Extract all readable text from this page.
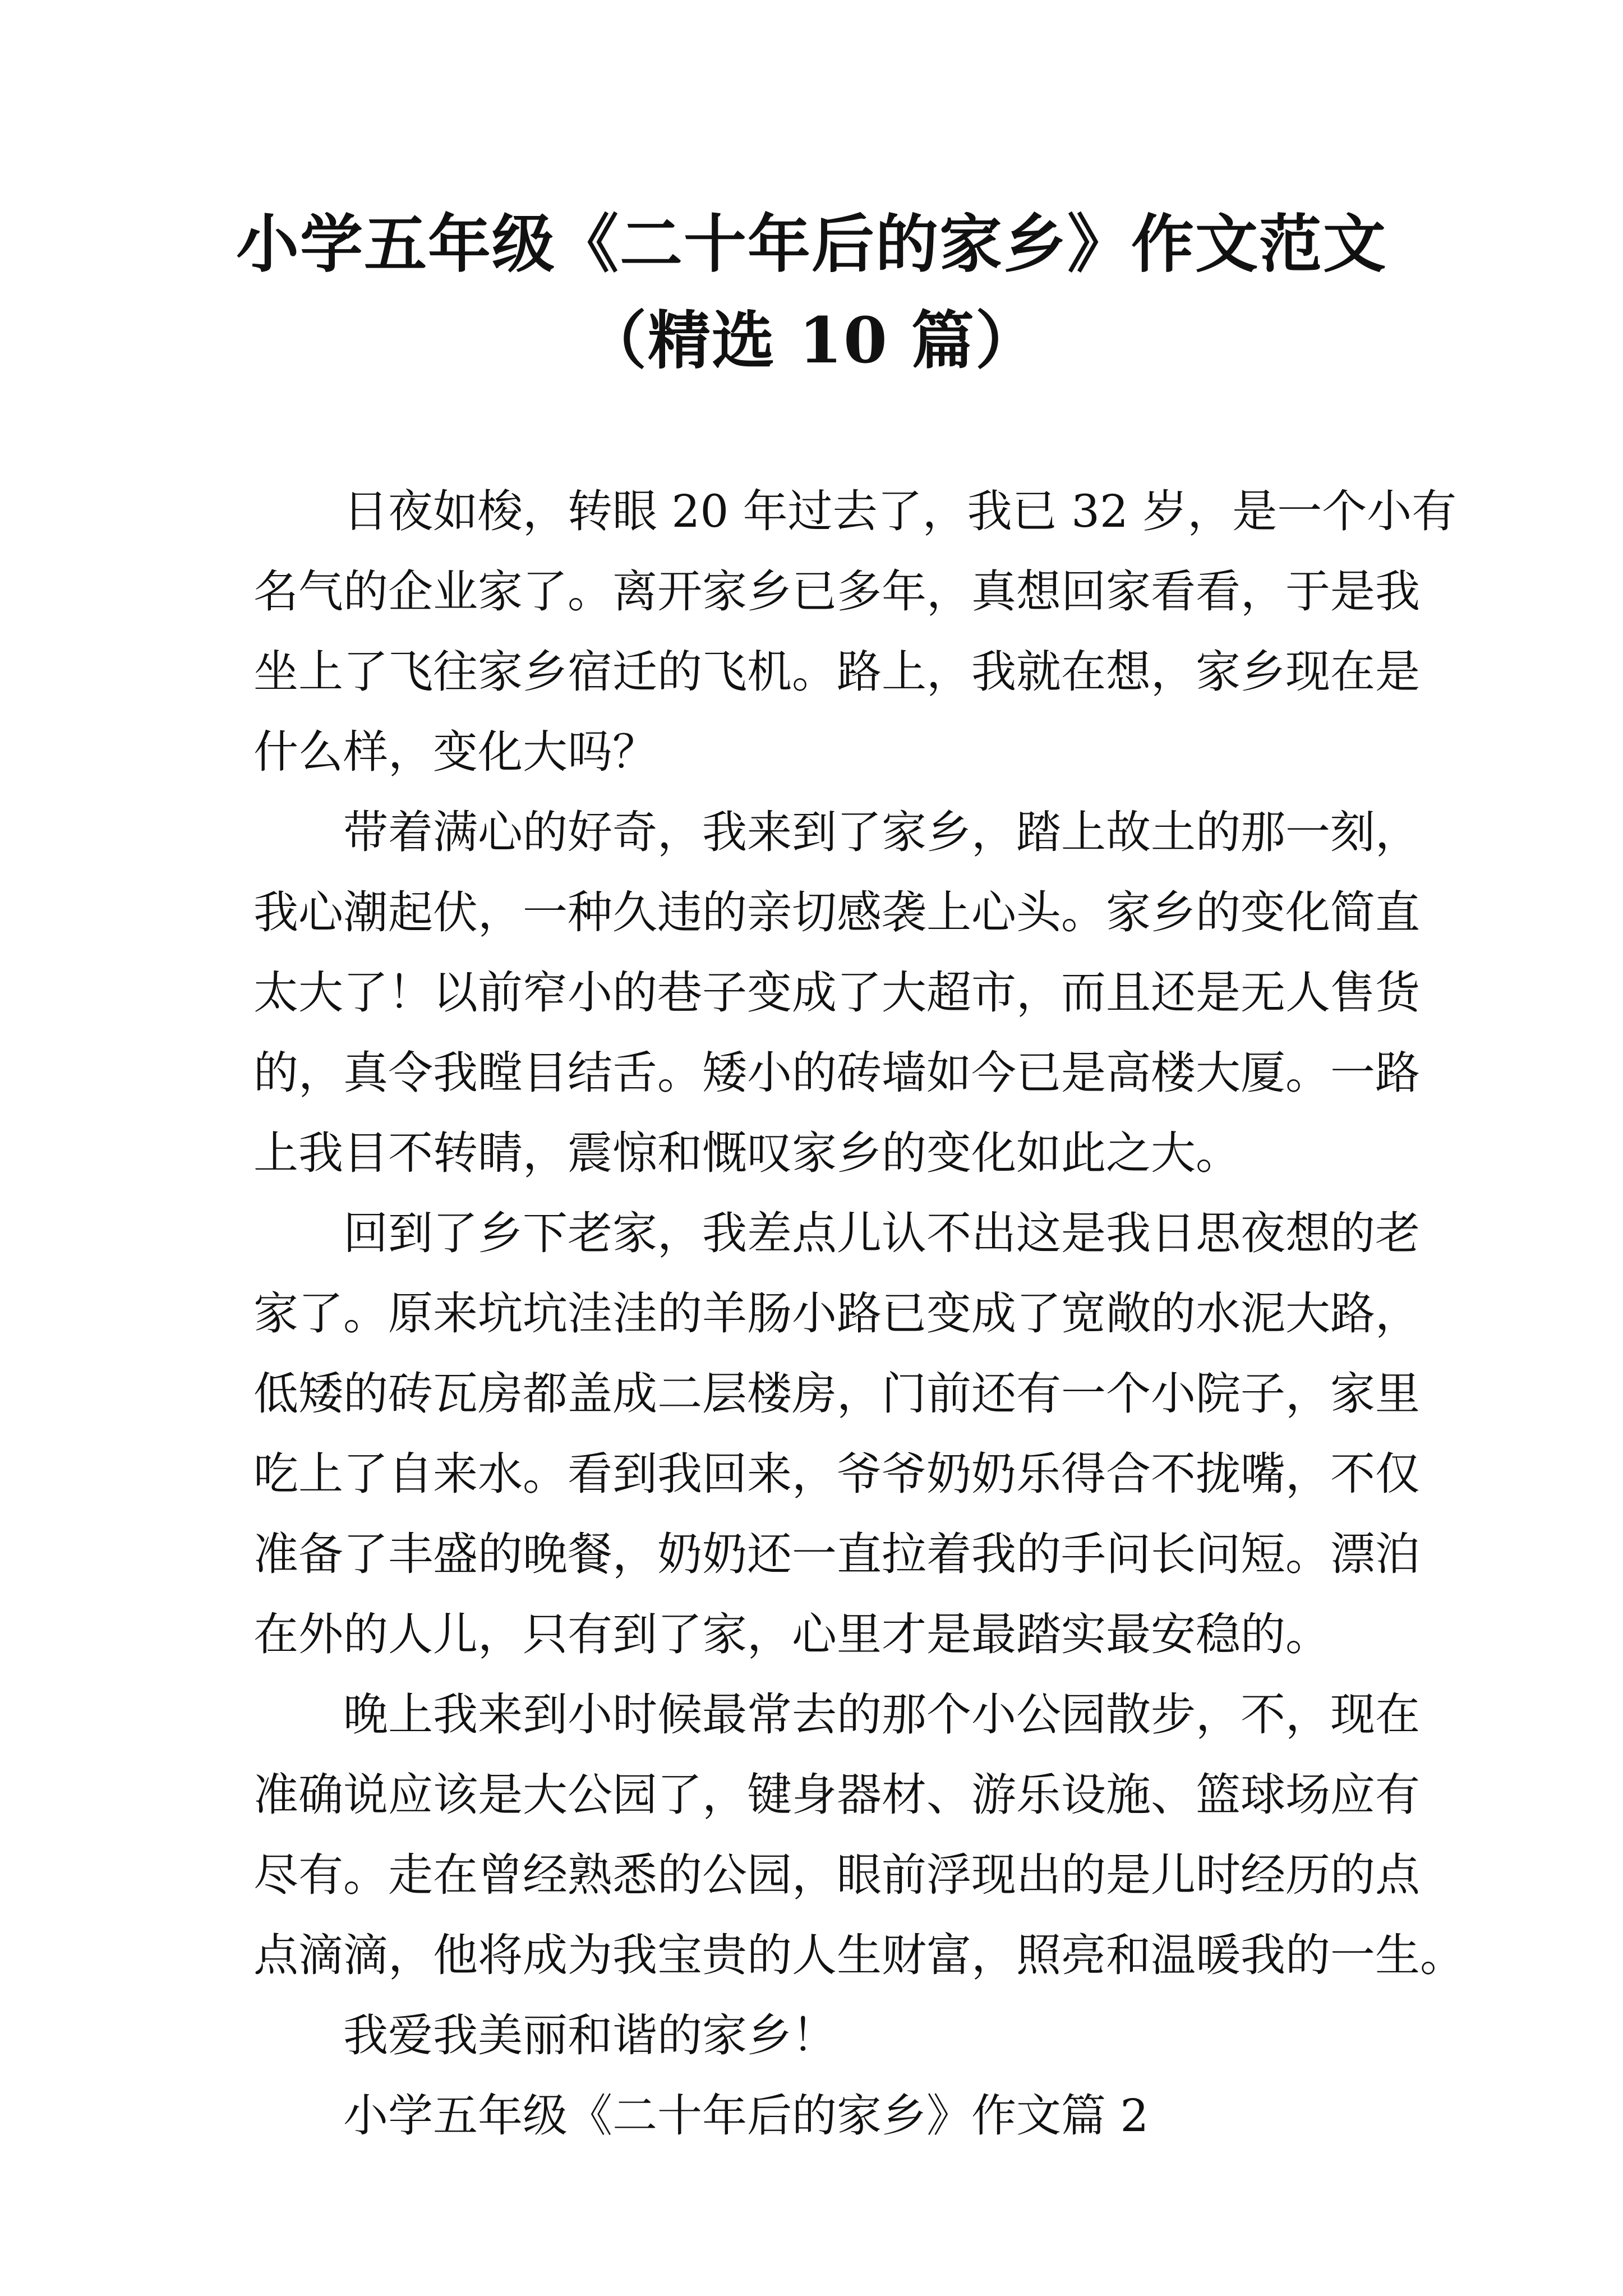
小学五年级《二十年后的家乡》作文范文
（精选 10 篇）
日夜如梭，转眼 20 年过去了，我已 32 岁，是一个小有
名气的企业家了。离开家乡已多年，真想回家看看，于是我
坐上了飞往家乡宿迁的飞机。路上，我就在想，家乡现在是
什么样，变化大吗？
带着满心的好奇，我来到了家乡，踏上故土的那一刻，
我心潮起伏，一种久违的亲切感袭上心头。家乡的变化简直
太大了！以前窄小的巷子变成了大超市，而且还是无人售货
的，真令我瞠目结舌。矮小的砖墙如今已是高楼大厦。一路
上我目不转睛，震惊和慨叹家乡的变化如此之大。
回到了乡下老家，我差点儿认不出这是我日思夜想的老
家了。原来坑坑洼洼的羊肠小路已变成了宽敞的水泥大路，
低矮的砖瓦房都盖成二层楼房，门前还有一个小院子，家里
吃上了自来水。看到我回来，爷爷奶奶乐得合不拢嘴，不仅
准备了丰盛的晚餐，奶奶还一直拉着我的手问长问短。漂泊
在外的人儿，只有到了家，心里才是最踏实最安稳的。
晚上我来到小时候最常去的那个小公园散步，不，现在
准确说应该是大公园了，键身器材、游乐设施、篮球场应有
尽有。走在曾经熟悉的公园，眼前浮现出的是儿时经历的点
点滴滴，他将成为我宝贵的人生财富，照亮和温暖我的一生。
我爱我美丽和谐的家乡！
小学五年级《二十年后的家乡》作文篇 2
